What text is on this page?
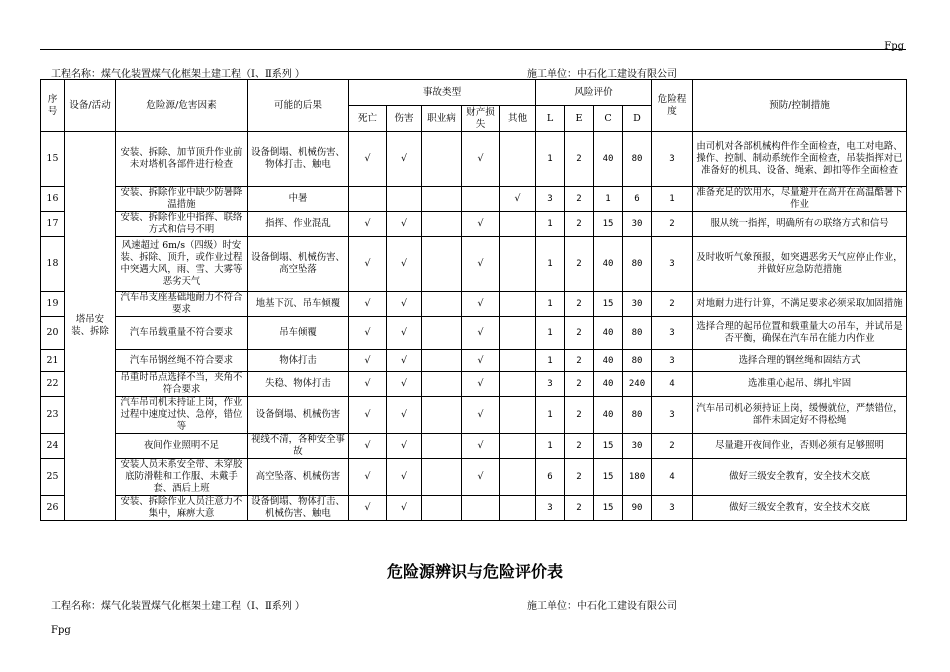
Fpg
工程名称：煤气化装置煤气化框架土建工程（Ⅰ、Ⅱ系列 ）	施工单位：中石化工建设有限公司
序号	设备/活动	危险源/危害因素	可能的后果	事故类型					风险评价				危险程度	预防/控制措施
				死亡	伤害	职业病	财产损失	其他	L	E	C	D		
15	塔吊安装、拆除	安装、拆除、加节顶升作业前未对塔机各部件进行检查	设备倒塌、机械伤害、物体打击、触电	√	√		√		1	2	40	80	3	由司机对各部机械构件作全面检查，电工对电路、操作、控制、制动系统作全面检查，吊装指挥对已准备好的机具、设备、绳索、卸扣等作全面检查
16		安装、拆除作业中缺少防暑降温措施	中暑					√	3	2	1	6	1	准备充足的饮用水，尽量避开在高开在高温酷暑下作业
17		安装、拆除作业中指挥、联络方式和信号不明	指挥、作业混乱	√	√		√		1	2	15	30	2	服从统一指挥，明确所有の联络方式和信号
18		风速超过 6m/s（四级）时安装、拆除、顶升，或作业过程中突遇大风，雨、雪、大雾等恶劣天气	设备倒塌、机械伤害、高空坠落	√	√		√		1	2	40	80	3	及时收听气象预报，如突遇恶劣天气应停止作业，并做好应急防范措施
19		汽车吊支座基础地耐力不符合要求	地基下沉、吊车倾覆	√	√		√		1	2	15	30	2	对地耐力进行计算，不满足要求必须采取加固措施
20		汽车吊载重量不符合要求	吊车倾覆	√	√		√		1	2	40	80	3	选择合理的起吊位置和载重量大の吊车，并试吊是否平衡，确保在汽车吊在能力内作业
21		汽车吊钢丝绳不符合要求	物体打击	√	√		√		1	2	40	80	3	选择合理的钢丝绳和固结方式
22		吊重时吊点选择不当，夹角不符合要求	失稳、物体打击	√	√		√		3	2	40	240	4	选准重心起吊、绑扎牢固
23		汽车吊司机未持证上岗，作业过程中速度过快、急停，错位等	设备倒塌、机械伤害	√	√		√		1	2	40	80	3	汽车吊司机必须持证上岗，缓慢就位，严禁错位，部件未固定好不得松绳
24		夜间作业照明不足	视线不清，各种安全事故	√	√		√		1	2	15	30	2	尽量避开夜间作业，否则必须有足够照明
25		安装人员未系安全带、未穿胶底防滑鞋和工作服、未戴手套、酒后上班	高空坠落、机械伤害	√	√		√		6	2	15	180	4	做好三级安全教育，安全技术交底
26		安装、拆除作业人员注意力不集中，麻痹大意	设备倒塌、物体打击、机械伤害、触电	√	√				3	2	15	90	3	做好三级安全教育，安全技术交底
危险源辨识与危险评价表
工程名称：煤气化装置煤气化框架土建工程（Ⅰ、Ⅱ系列 ）	施工单位：中石化工建设有限公司
Fpg
